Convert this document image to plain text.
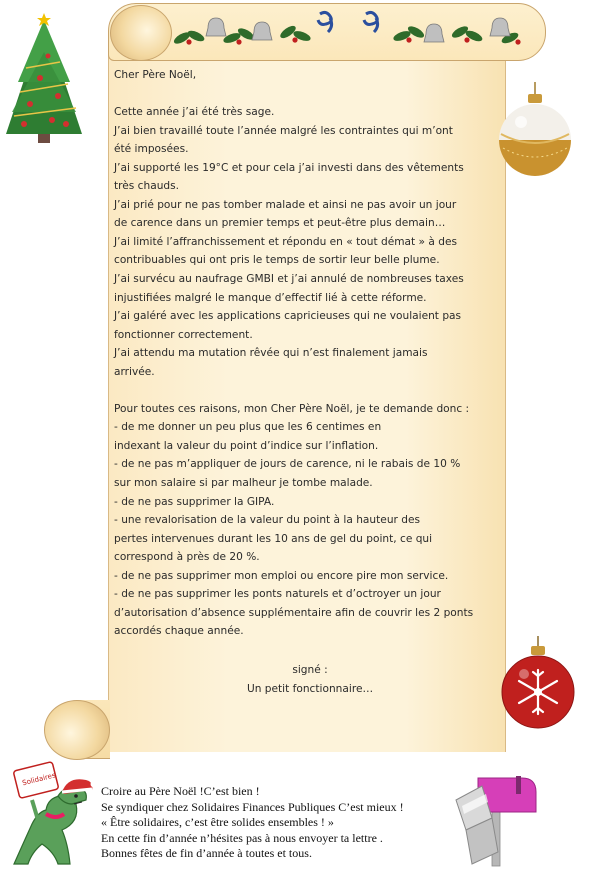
Cher Père Noël,
Cette année j’ai été très sage.
J’ai bien travaillé toute l’année malgré les contraintes qui m’ont
été imposées.
J’ai supporté les 19°C et pour cela j’ai investi dans des vêtements
très chauds.
J’ai prié pour ne pas tomber malade et ainsi ne pas avoir un jour
de carence dans un premier temps et peut-être plus demain…
J’ai limité l’affranchissement et répondu en « tout démat » à des
contribuables qui ont pris le temps de sortir leur belle plume.
J’ai survécu au naufrage GMBI et j’ai annulé de nombreuses taxes
injustifiées malgré le manque d’effectif lié à cette réforme.
J’ai galéré avec les applications capricieuses qui ne voulaient pas
fonctionner correctement.
J’ai attendu ma mutation rêvée qui n’est finalement jamais
arrivée.
Pour toutes ces raisons, mon Cher Père Noël, je te demande donc :
- de me donner un peu plus que les 6 centimes en
indexant la valeur du point d’indice sur l’inflation.
- de ne pas m’appliquer de jours de carence, ni le rabais de 10 %
sur mon salaire si par malheur je tombe malade.
- de ne pas supprimer la GIPA.
- une revalorisation de la valeur du point à la hauteur des
pertes intervenues durant les 10 ans de gel du point, ce qui
correspond à près de 20 %.
- de ne pas supprimer mon emploi ou encore pire mon service.
- de ne pas supprimer les ponts naturels et d’octroyer un jour
d’autorisation d’absence supplémentaire afin de couvrir les 2 ponts
accordés chaque année.
signé :
Un petit fonctionnaire…
Solidaires
Croire au Père Noël !C’est bien !
Se syndiquer chez Solidaires Finances Publiques C’est mieux !
« Être solidaires, c’est être solides ensembles ! »
En cette fin d’année n’hésites pas à nous envoyer ta lettre .
Bonnes fêtes de fin d’année à toutes et tous.
